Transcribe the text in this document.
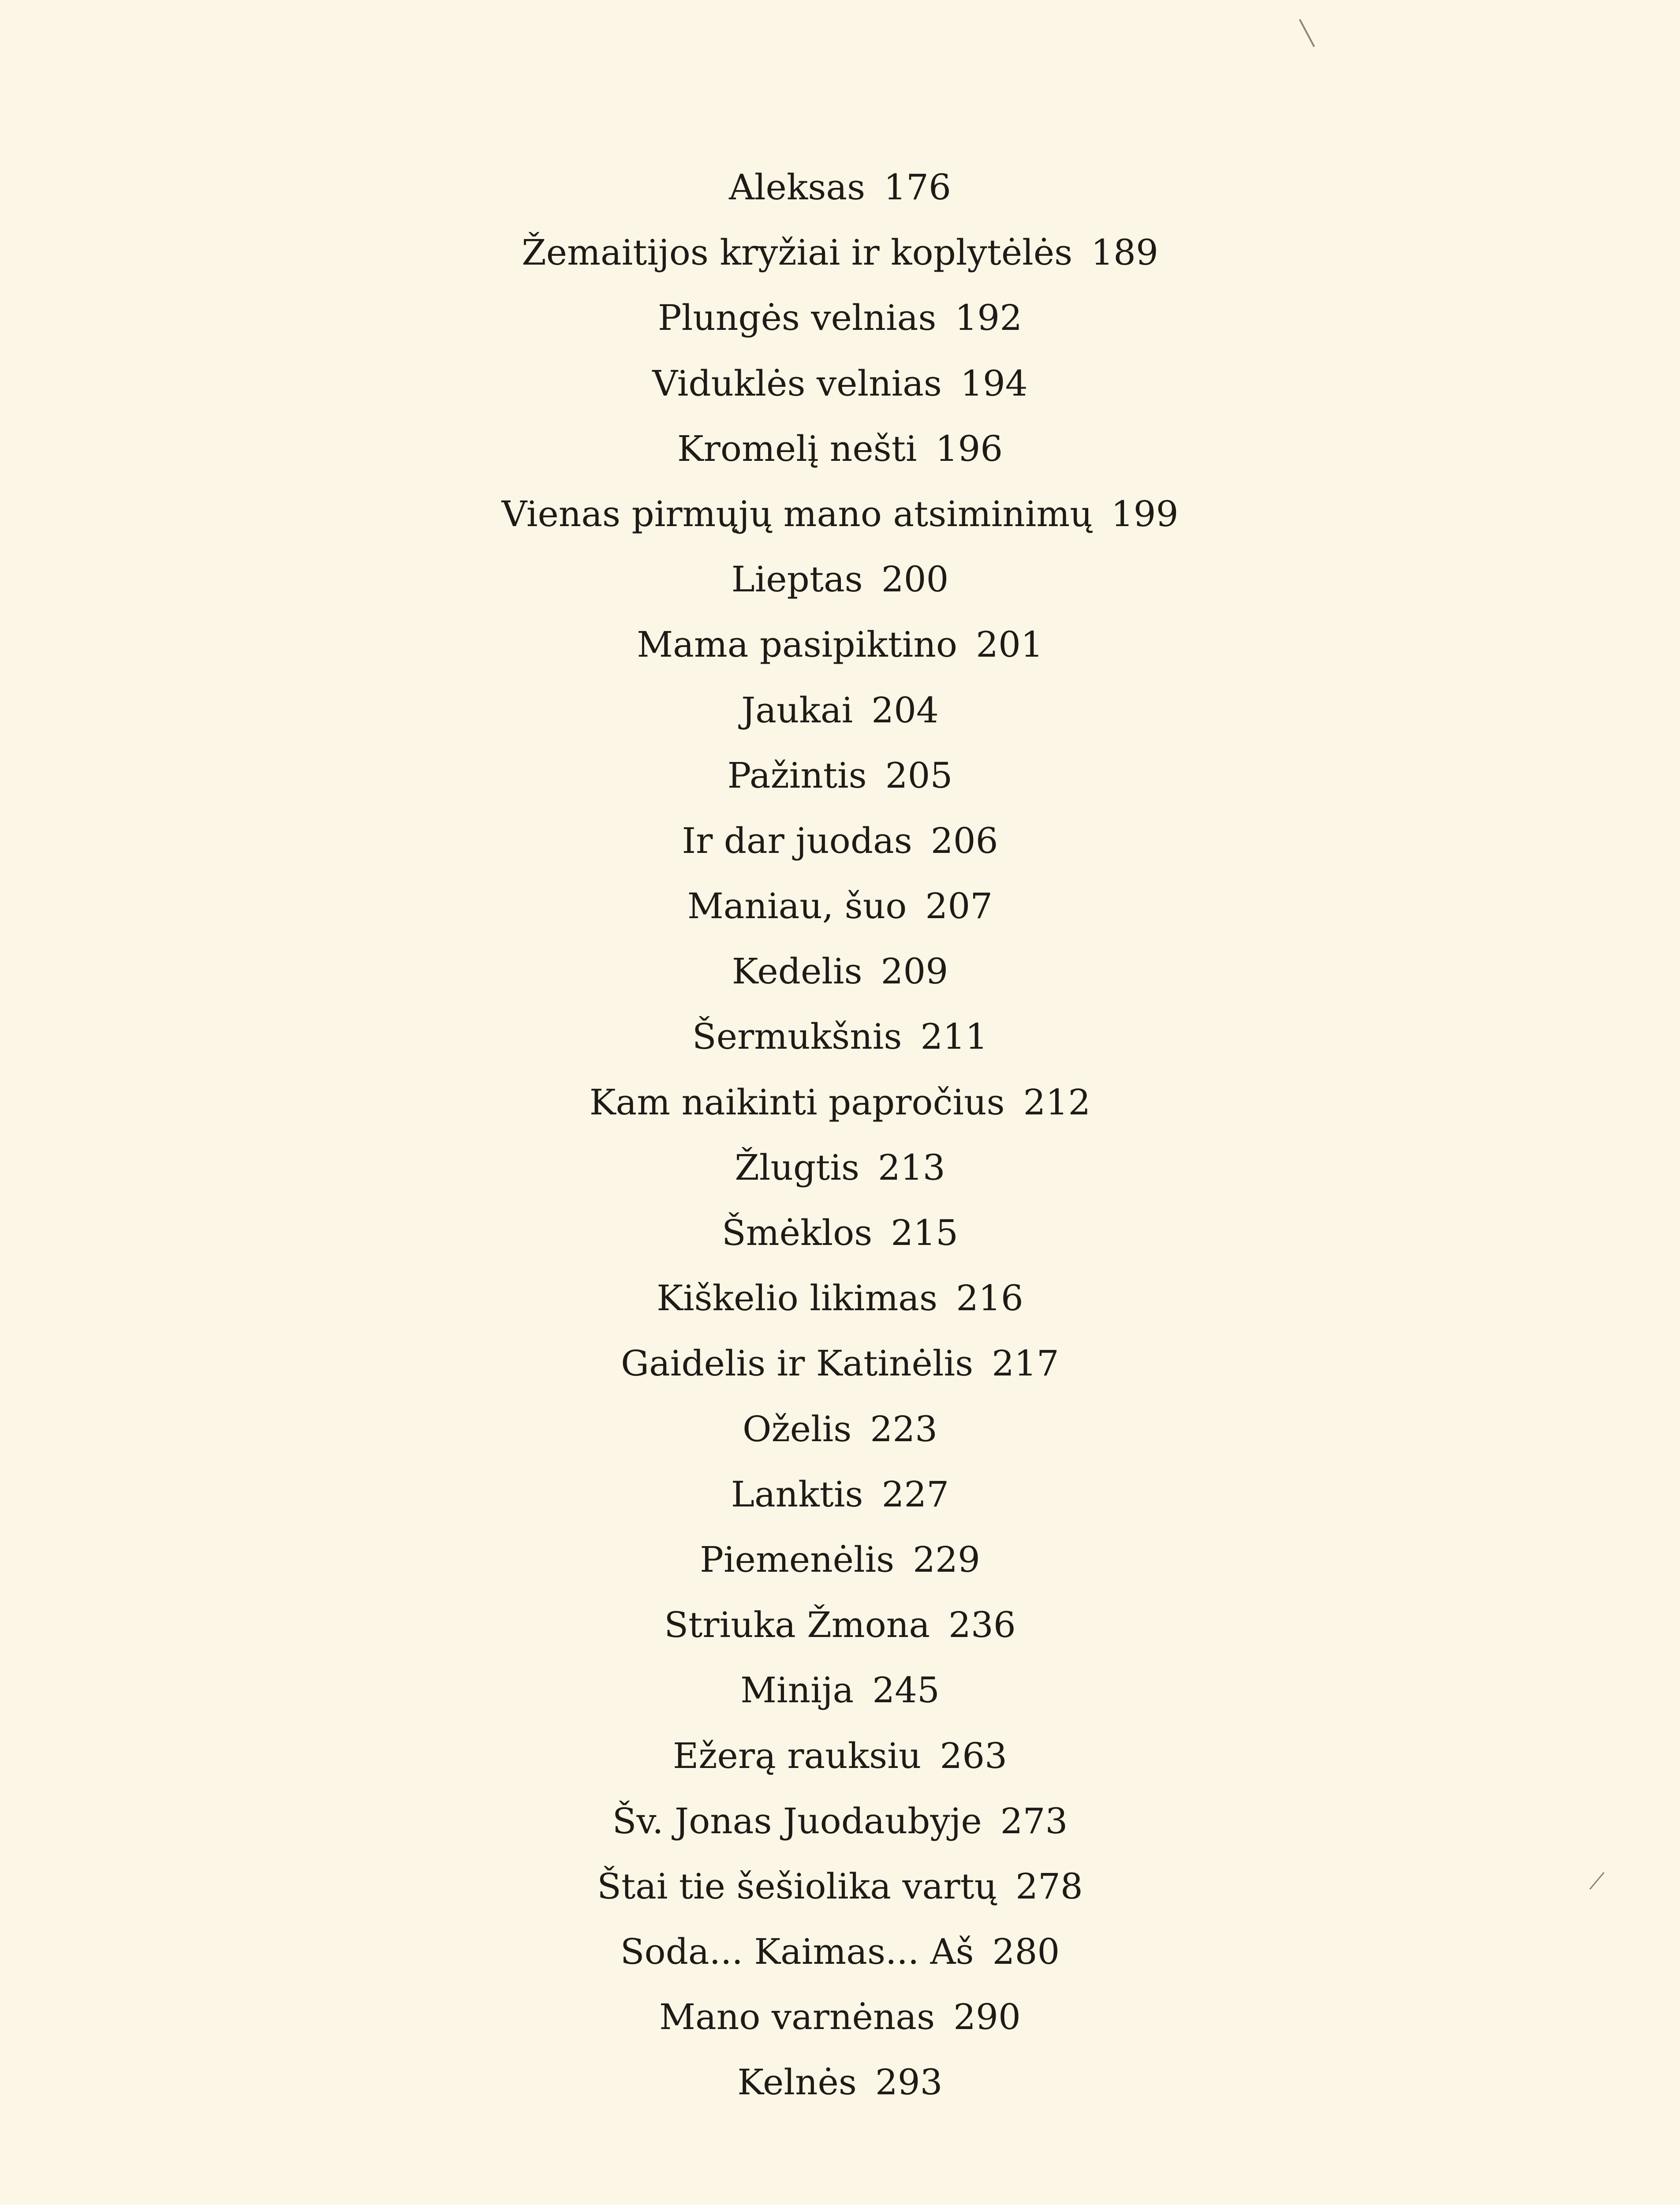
Aleksas 176
Žemaitijos kryžiai ir koplytėlės 189
Plungės velnias 192
Viduklės velnias 194
Kromelį nešti 196
Vienas pirmųjų mano atsiminimų 199
Lieptas 200
Mama pasipiktino 201
Jaukai 204
Pažintis 205
Ir dar juodas 206
Maniau, šuo 207
Kedelis 209
Šermukšnis 211
Kam naikinti papročius 212
Žlugtis 213
Šmėklos 215
Kiškelio likimas 216
Gaidelis ir Katinėlis 217
Oželis 223
Lanktis 227
Piemenėlis 229
Striuka Žmona 236
Minija 245
Ežerą rauksiu 263
Šv. Jonas Juodaubyje 273
Štai tie šešiolika vartų 278
Soda... Kaimas... Aš 280
Mano varnėnas 290
Kelnės 293
